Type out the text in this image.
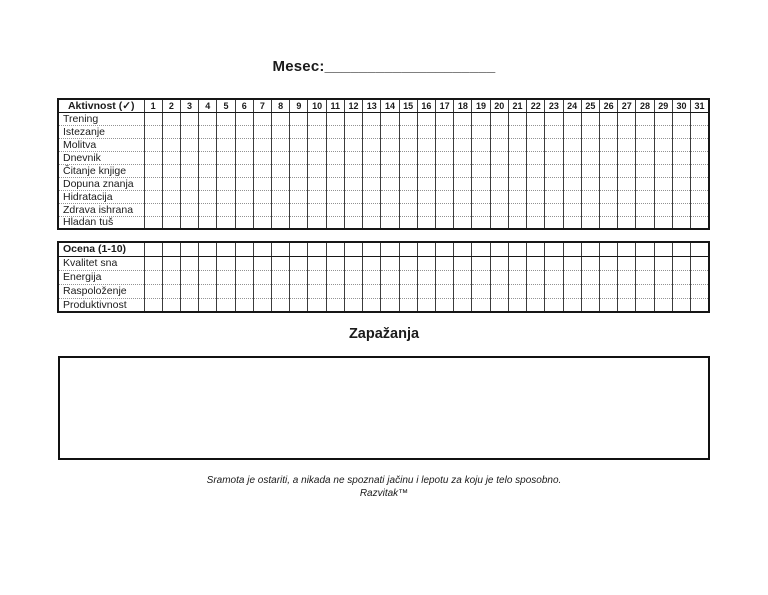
Mesec:____________________
Aktivnost (✓)	1	2	3	4	5	6	7	8	9	10	11	12	13	14	15	16	17	18	19	20	21	22	23	24	25	26	27	28	29	30	31
Trening																															
Istezanje																															
Molitva																															
Dnevnik																															
Čitanje knjige																															
Dopuna znanja																															
Hidratacija																															
Zdrava ishrana																															
Hladan tuš																															
Ocena (1-10)																															
Kvalitet sna																															
Energija																															
Raspoloženje																															
Produktivnost																															
Zapažanja
Sramota je ostariti, a nikada ne spoznati jačinu i lepotu za koju je telo sposobno.
Razvitak™
